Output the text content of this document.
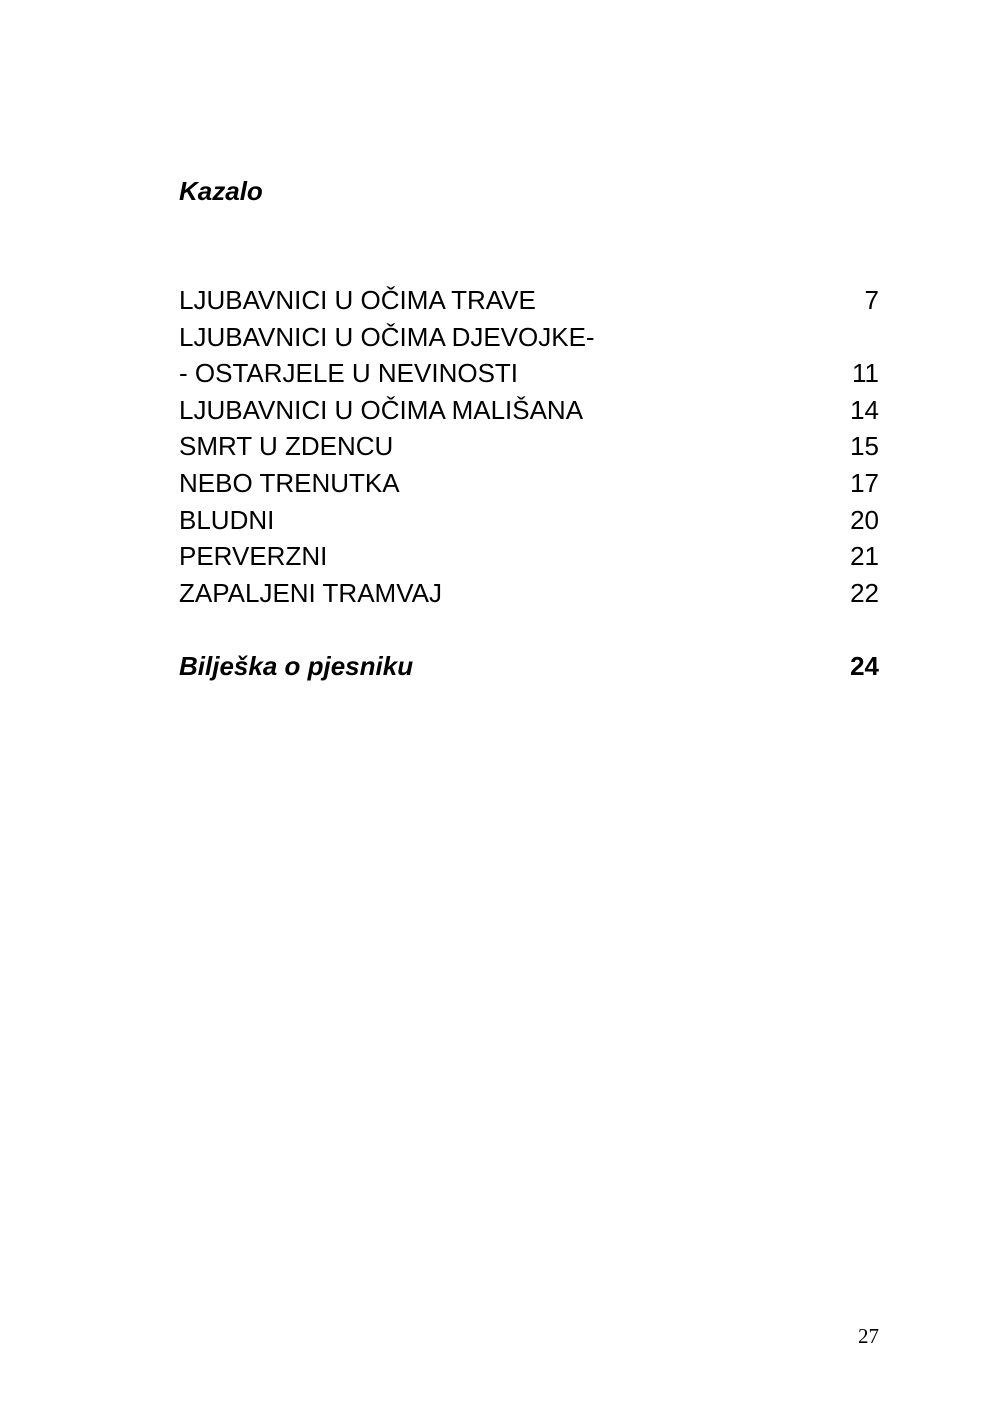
Kazalo
LJUBAVNICI U OČIMA TRAVE	7
LJUBAVNICI U OČIMA DJEVOJKE-
- OSTARJELE U NEVINOSTI	11
LJUBAVNICI U OČIMA MALIŠANA	14
SMRT U ZDENCU	15
NEBO TRENUTKA	17
BLUDNI	20
PERVERZNI	21
ZAPALJENI TRAMVAJ	22
Bilješka o pjesniku	24
27
